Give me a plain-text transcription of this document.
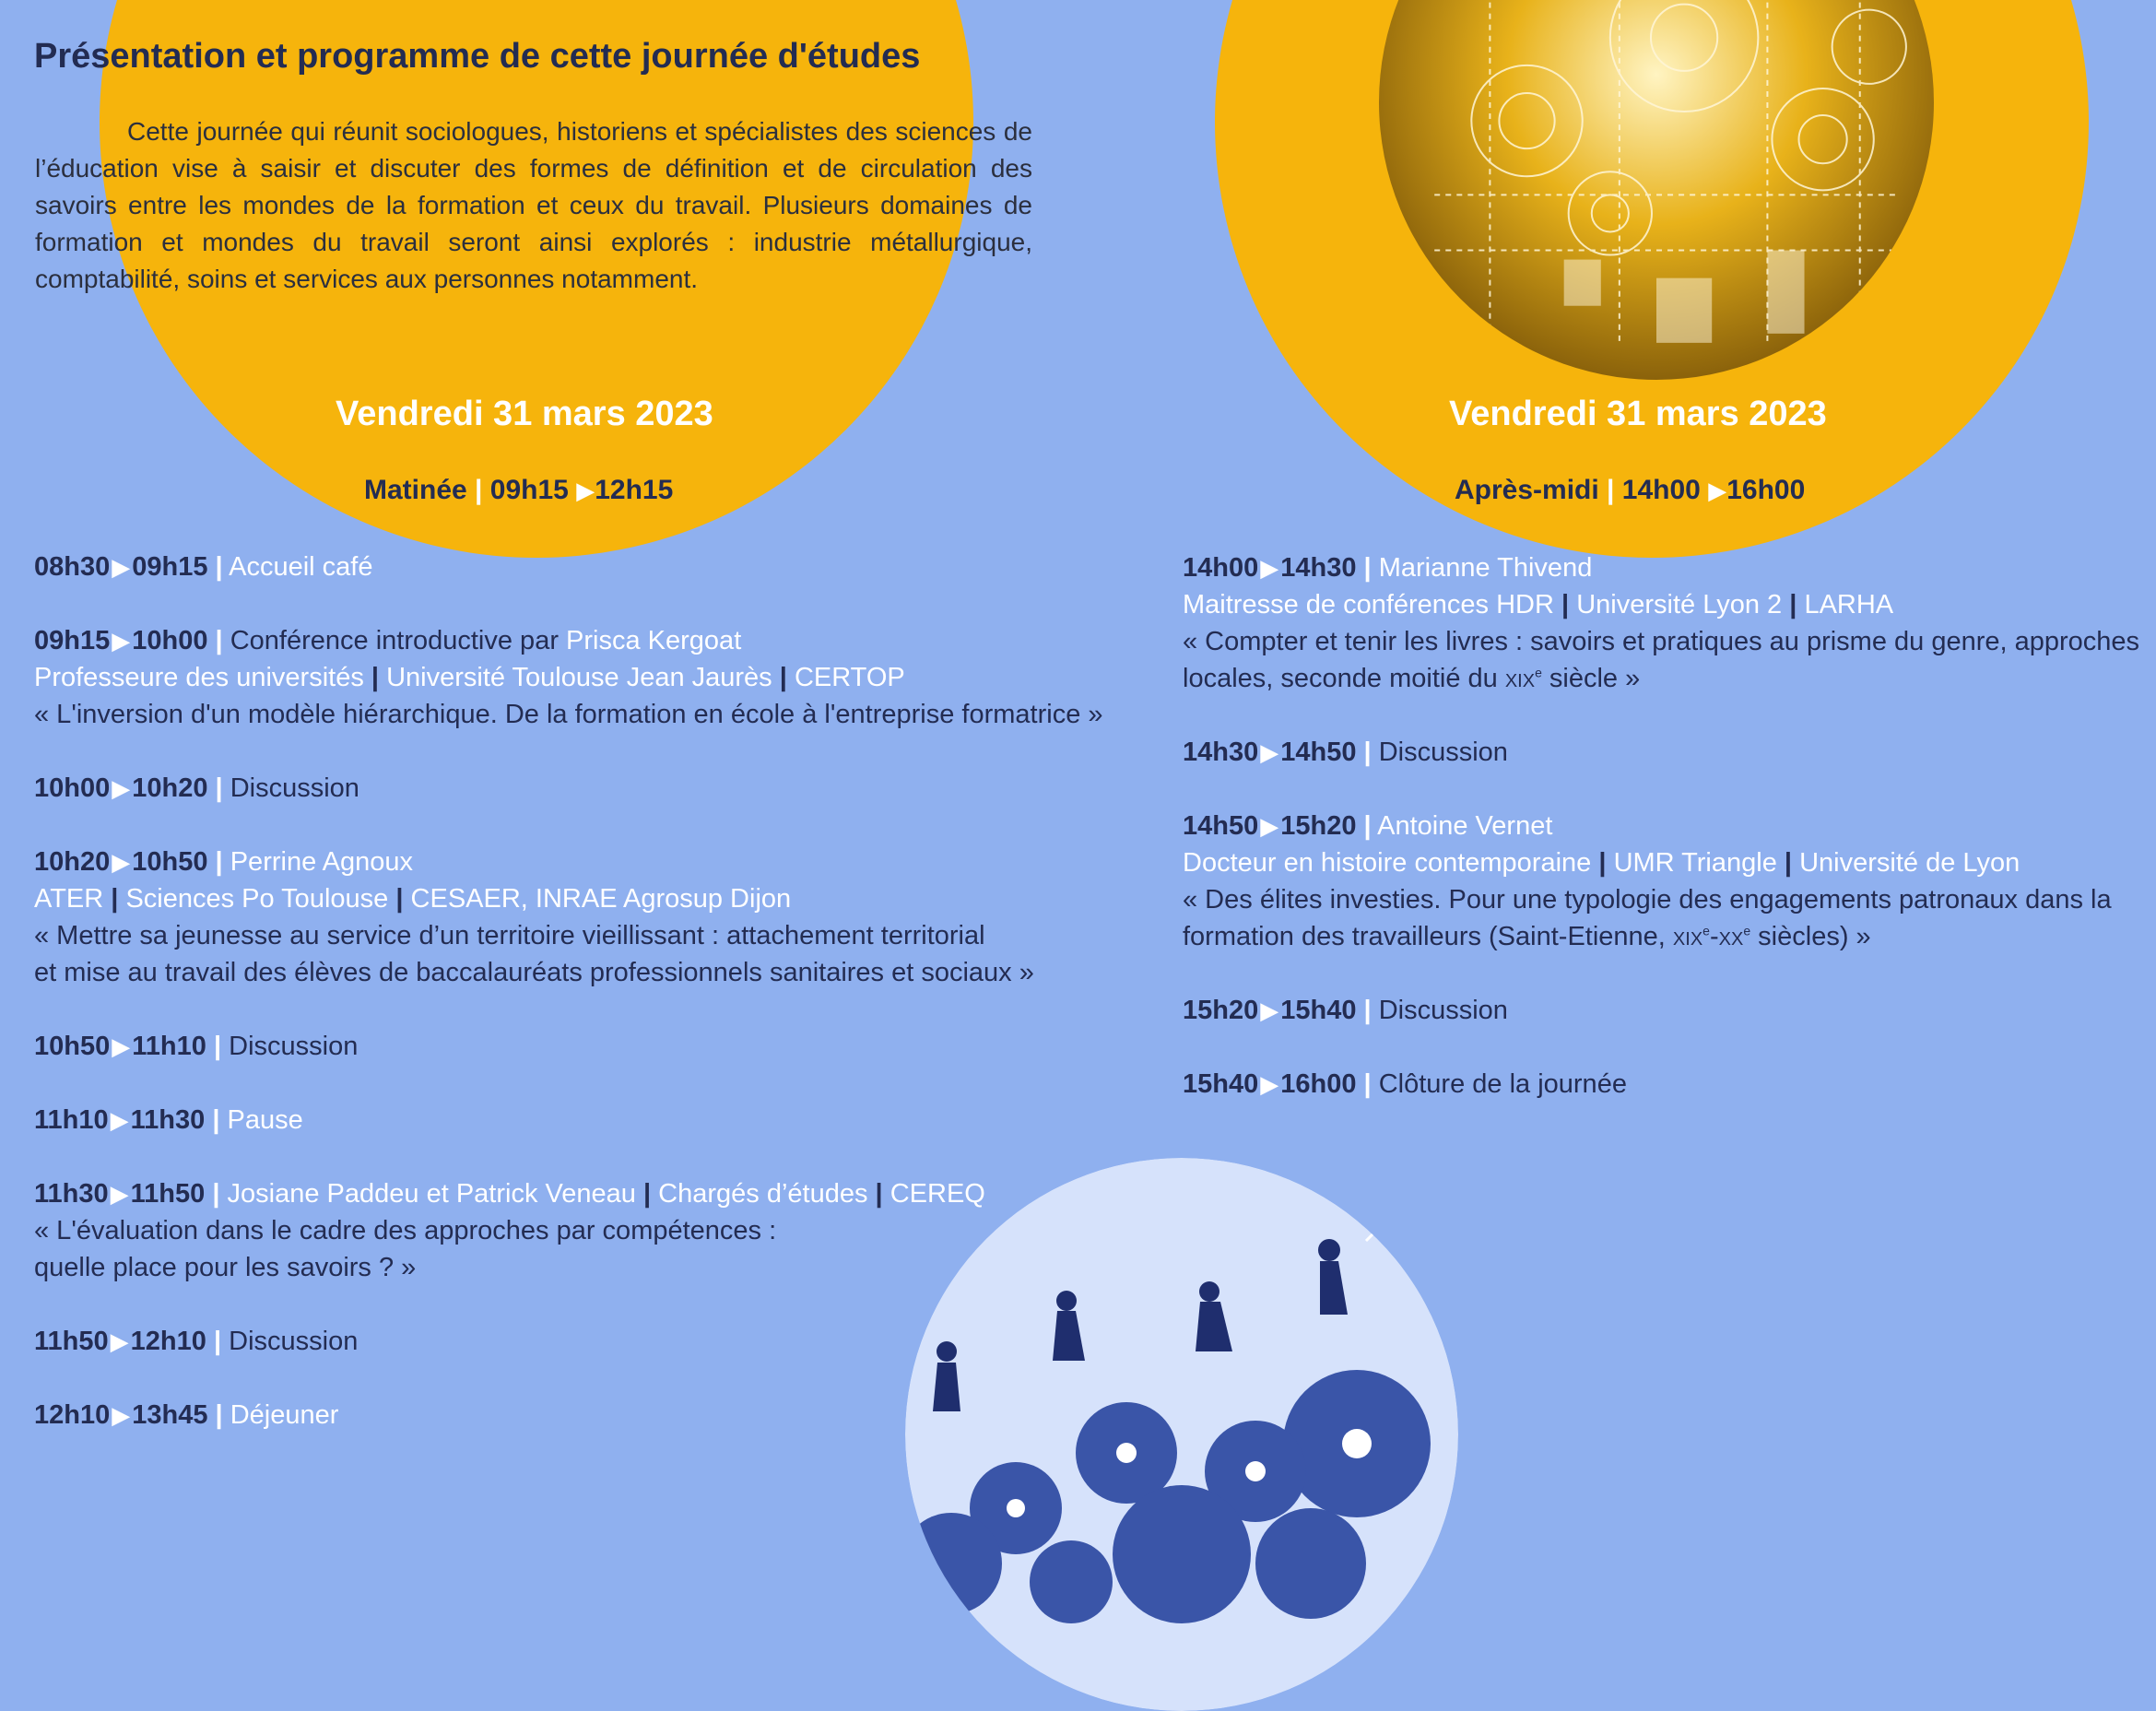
Présentation et programme de cette journée d'études
Cette journée qui réunit sociologues, historiens et spécialistes des sciences de l’éducation vise à saisir et discuter des formes de définition et de circulation des savoirs entre les mondes de la formation et ceux du travail. Plusieurs domaines de formation et mondes du travail seront ainsi explorés : industrie métallurgique, comptabilité, soins et services aux personnes notamment.
Vendredi 31 mars 2023
Matinée | 09h15 ▶12h15
Vendredi 31 mars 2023
Après-midi | 14h00 ▶16h00
08h30▶09h15 | Accueil café
09h15▶10h00 | Conférence introductive par Prisca Kergoat
Professeure des universités | Université Toulouse Jean Jaurès | CERTOP
« L'inversion d'un modèle hiérarchique. De la formation en école à l'entreprise formatrice »
10h00▶10h20 | Discussion
10h20▶10h50 | Perrine Agnoux
ATER | Sciences Po Toulouse | CESAER, INRAE Agrosup Dijon
« Mettre sa jeunesse au service d’un territoire vieillissant : attachement territorial
et mise au travail des élèves de baccalauréats professionnels sanitaires et sociaux »
10h50▶11h10 | Discussion
11h10▶11h30 | Pause
11h30▶11h50 | Josiane Paddeu et Patrick Veneau | Chargés d’études | CEREQ
« L'évaluation dans le cadre des approches par compétences :
quelle place pour les savoirs ? »
11h50▶12h10 | Discussion
12h10▶13h45 | Déjeuner
14h00▶14h30 | Marianne Thivend
Maitresse de conférences HDR | Université Lyon 2 | LARHA
« Compter et tenir les livres : savoirs et pratiques au prisme du genre, approches
locales, seconde moitié du xix$^e$ siècle »
14h30▶14h50 | Discussion
14h50▶15h20 | Antoine Vernet
Docteur en histoire contemporaine | UMR Triangle | Université de Lyon
« Des élites investies. Pour une typologie des engagements patronaux dans la
formation des travailleurs (Saint-Etienne, $xix^e-xx^e$ siècles) »
15h20▶15h40 | Discussion
15h40▶16h00 | Clôture de la journée
